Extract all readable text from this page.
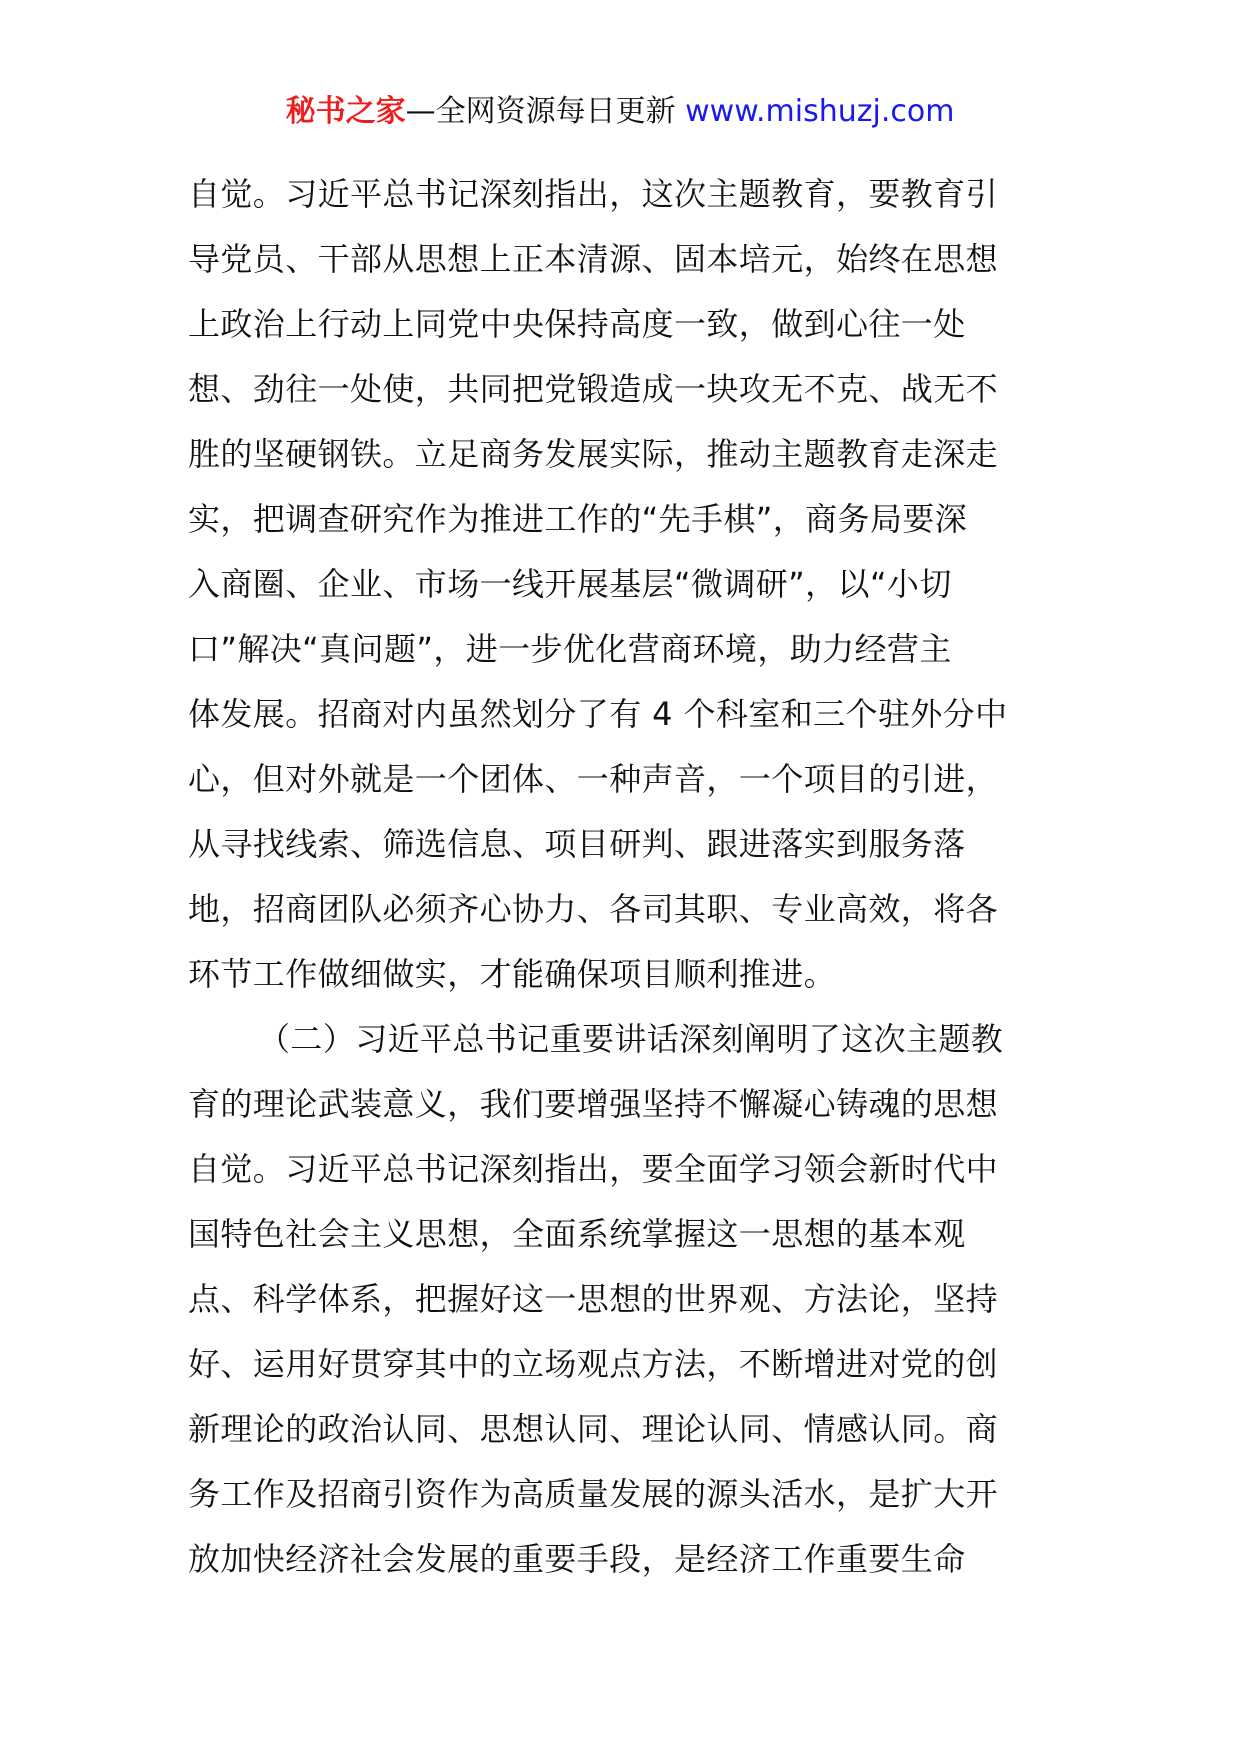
秘书之家—全网资源每日更新 www.mishuzj.com
自觉。习近平总书记深刻指出，这次主题教育，要教育引
导党员、干部从思想上正本清源、固本培元，始终在思想
上政治上行动上同党中央保持高度一致，做到心往一处
想、劲往一处使，共同把党锻造成一块攻无不克、战无不
胜的坚硬钢铁。立足商务发展实际，推动主题教育走深走
实，把调查研究作为推进工作的“先手棋”，商务局要深
入商圈、企业、市场一线开展基层“微调研”，以“小切
口”解决“真问题”，进一步优化营商环境，助力经营主
体发展。招商对内虽然划分了有 4 个科室和三个驻外分中
心，但对外就是一个团体、一种声音，一个项目的引进，
从寻找线索、筛选信息、项目研判、跟进落实到服务落
地，招商团队必须齐心协力、各司其职、专业高效，将各
环节工作做细做实，才能确保项目顺利推进。
（二）习近平总书记重要讲话深刻阐明了这次主题教
育的理论武装意义，我们要增强坚持不懈凝心铸魂的思想
自觉。习近平总书记深刻指出，要全面学习领会新时代中
国特色社会主义思想，全面系统掌握这一思想的基本观
点、科学体系，把握好这一思想的世界观、方法论，坚持
好、运用好贯穿其中的立场观点方法，不断增进对党的创
新理论的政治认同、思想认同、理论认同、情感认同。商
务工作及招商引资作为高质量发展的源头活水，是扩大开
放加快经济社会发展的重要手段，是经济工作重要生命
